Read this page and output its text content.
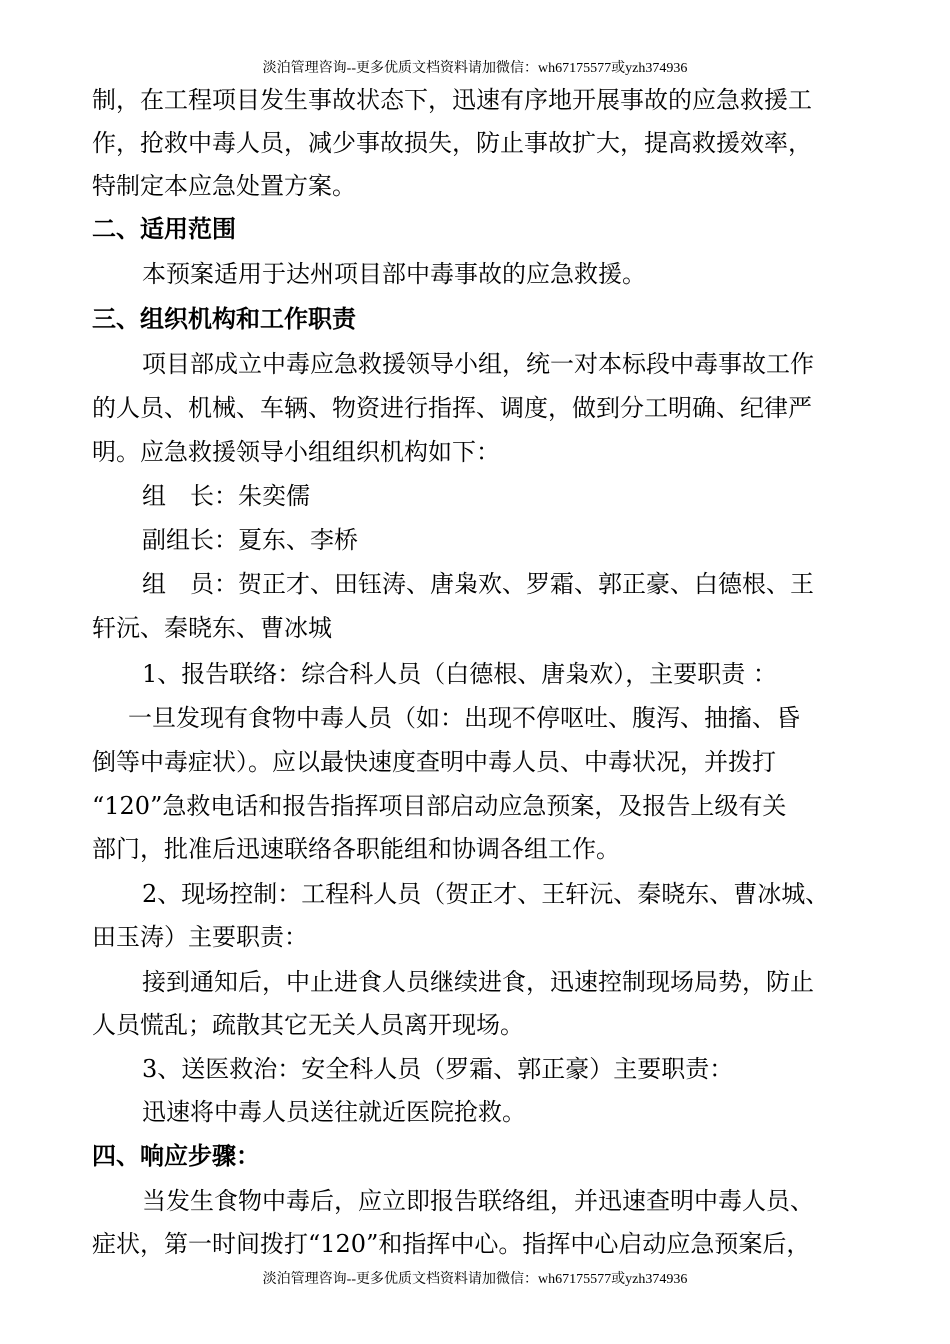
淡泊管理咨询--更多优质文档资料请加微信：wh67175577或yzh374936
制，在工程项目发生事故状态下，迅速有序地开展事故的应急救援工
作，抢救中毒人员，减少事故损失，防止事故扩大，提高救援效率，
特制定本应急处置方案。
二、适用范围
本预案适用于达州项目部中毒事故的应急救援。
三、组织机构和工作职责
项目部成立中毒应急救援领导小组，统一对本标段中毒事故工作
的人员、机械、车辆、物资进行指挥、调度，做到分工明确、纪律严
明。应急救援领导小组组织机构如下：
组　长：朱奕儒
副组长：夏东、李桥
组　员：贺正才、田钰涛、唐枭欢、罗霜、郭正豪、白德根、王
轩沅、秦晓东、曹冰城
1、报告联络：综合科人员（白德根、唐枭欢），主要职责 ：
一旦发现有食物中毒人员（如：出现不停呕吐、腹泻、抽搐、昏
倒等中毒症状）。应以最快速度查明中毒人员、中毒状况，并拨打
“120”急救电话和报告指挥项目部启动应急预案，及报告上级有关
部门，批准后迅速联络各职能组和协调各组工作。
2、现场控制：工程科人员（贺正才、王轩沅、秦晓东、曹冰城、
田玉涛）主要职责：
接到通知后，中止进食人员继续进食，迅速控制现场局势，防止
人员慌乱；疏散其它无关人员离开现场。
3、送医救治：安全科人员（罗霜、郭正豪）主要职责：
迅速将中毒人员送往就近医院抢救。
四、响应步骤：
当发生食物中毒后，应立即报告联络组，并迅速查明中毒人员、
症状，第一时间拨打“120”和指挥中心。指挥中心启动应急预案后，
淡泊管理咨询--更多优质文档资料请加微信：wh67175577或yzh374936
